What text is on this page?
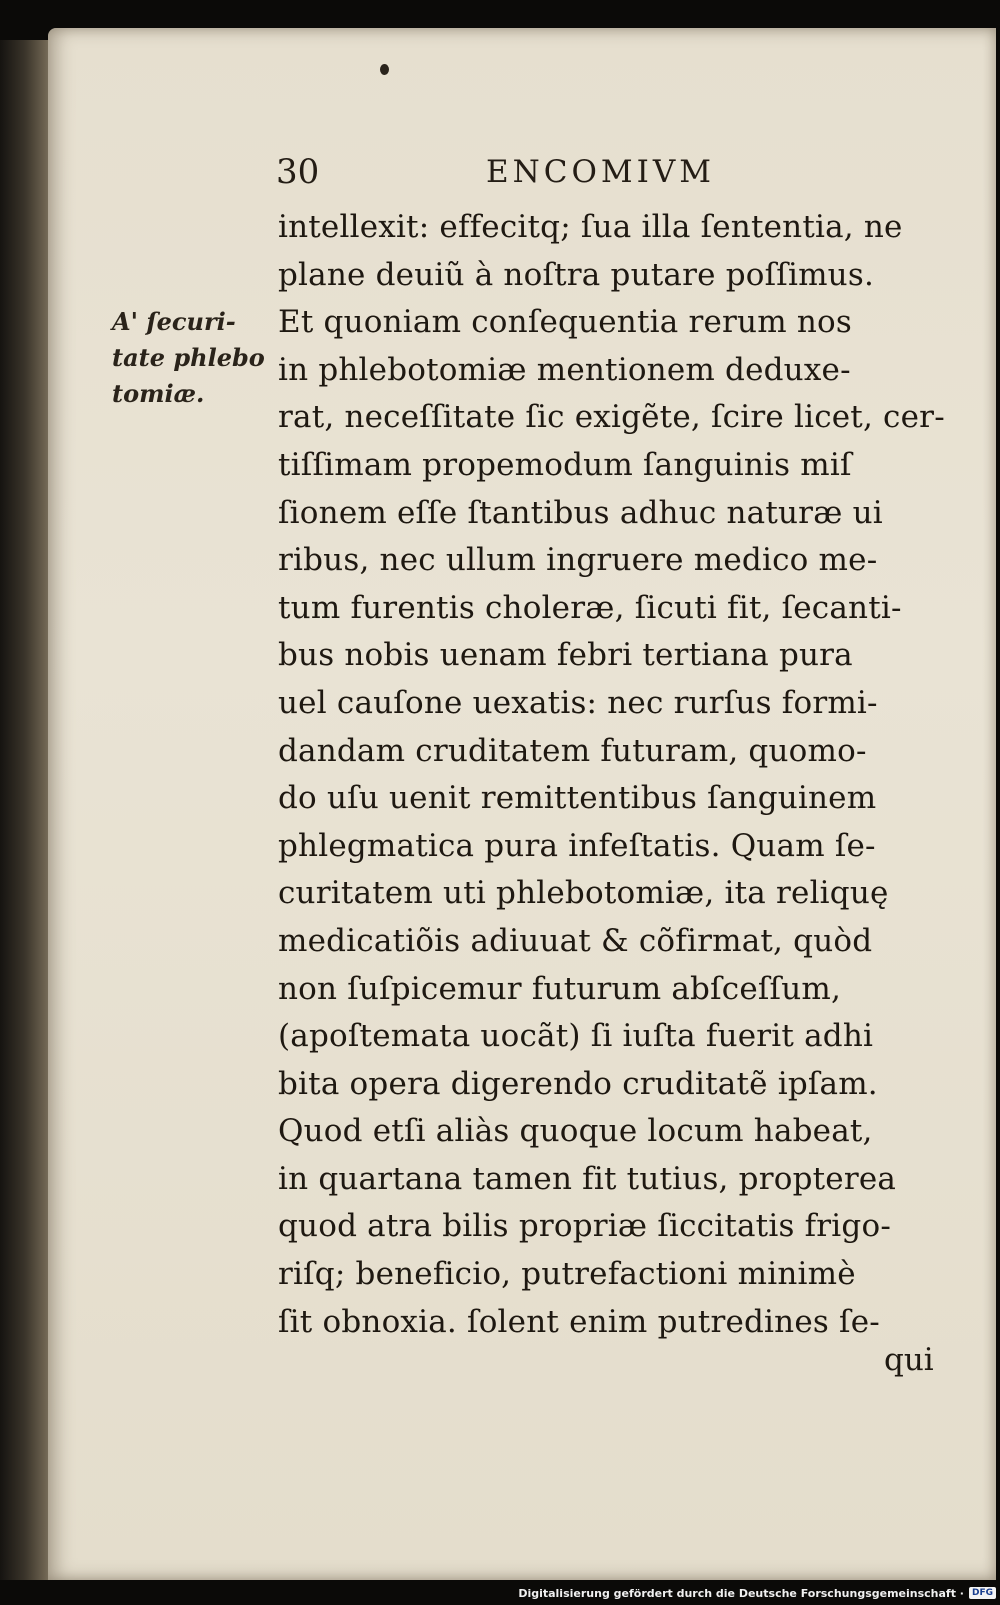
30	ENCOMIVM
A' ſecuri-
tate phlebo
tomiæ.
intellexit: effecitq; ſua illa ſententia, ne
plane deuiũ à noſtra putare poſſimus.
Et quoniam conſequentia rerum nos
in phlebotomiæ mentionem deduxe-
rat, neceſſitate ſic exigẽte, ſcire licet, cer-
tiſſimam propemodum ſanguinis miſ
ſionem eſſe ſtantibus adhuc naturæ ui
ribus, nec ullum ingruere medico me-
tum furentis choleræ, ſicuti fit, ſecanti-
bus nobis uenam febri tertiana pura
uel cauſone uexatis: nec rurſus formi-
dandam cruditatem futuram, quomo-
do uſu uenit remittentibus ſanguinem
phlegmatica pura infeſtatis. Quam ſe-
curitatem uti phlebotomiæ, ita reliquę
medicatiõis adiuuat & cõfirmat, quòd
non ſuſpicemur futurum abſceſſum,
(apoſtemata uocãt) ſi iuſta fuerit adhi
bita opera digerendo cruditatẽ ipſam.
Quod etſi aliàs quoque locum habeat,
in quartana tamen fit tutius, propterea
quod atra bilis propriæ ſiccitatis frigo-
riſq; beneficio, putrefactioni minimè
ſit obnoxia. ſolent enim putredines ſe-
qui
Digitalisierung gefördert durch die Deutsche Forschungsgemeinschaft · DFG
